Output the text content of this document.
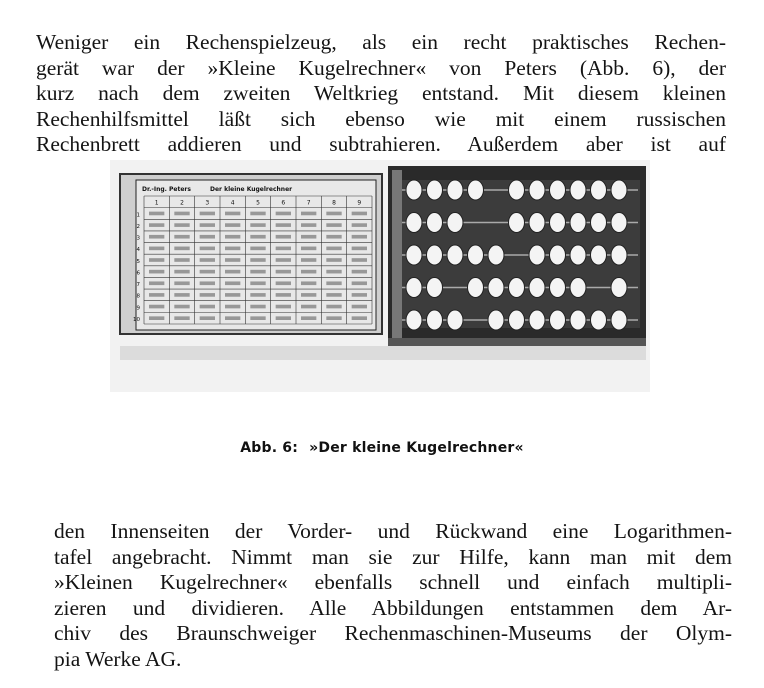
Weniger ein Rechenspielzeug, als ein recht praktisches Rechen-
gerät war der »Kleine Kugelrechner« von Peters (Abb. 6), der
kurz nach dem zweiten Weltkrieg entstand. Mit diesem kleinen
Rechenhilfsmittel läßt sich ebenso wie mit einem russischen
Rechenbrett addieren und subtrahieren. Außerdem aber ist auf
Dr.-Ing. Peters	Der kleine Kugelrechner
1	2	3	4	5	6	7	8	9
1
2
3
4
5
6
7
8
9
10
Abb. 6: »Der kleine Kugelrechner«
den Innenseiten der Vorder- und Rückwand eine Logarithmen-
tafel angebracht. Nimmt man sie zur Hilfe, kann man mit dem
»Kleinen Kugelrechner« ebenfalls schnell und einfach multipli-
zieren und dividieren. Alle Abbildungen entstammen dem Ar-
chiv des Braunschweiger Rechenmaschinen-Museums der Olym-
pia Werke AG.
